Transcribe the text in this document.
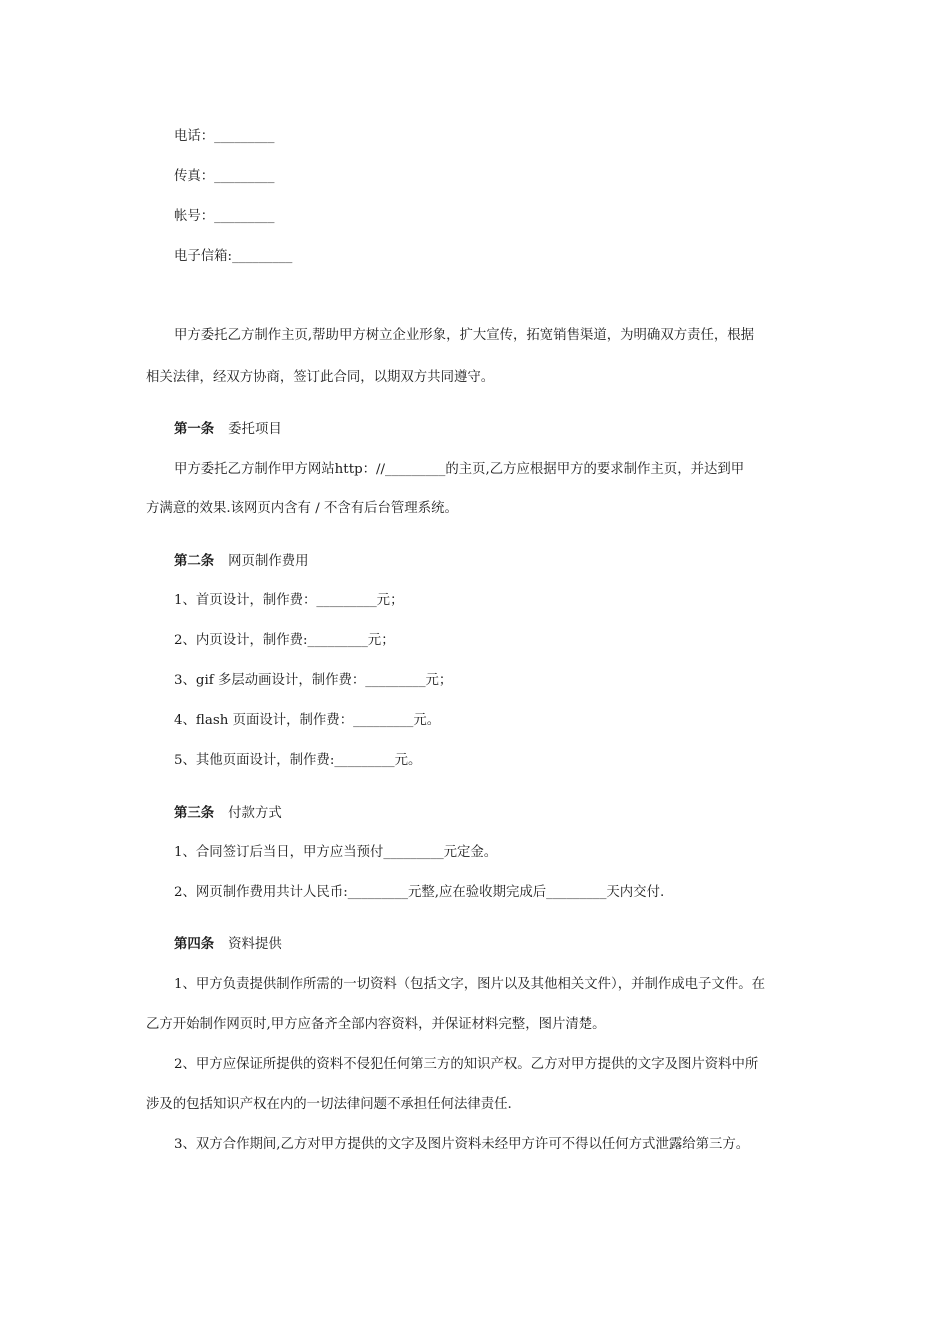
电话：_________
传真：_________
帐号：_________
电子信箱:_________
甲方委托乙方制作主页,帮助甲方树立企业形象，扩大宣传，拓宽销售渠道，为明确双方责任，根据
相关法律，经双方协商，签订此合同，以期双方共同遵守。
第一条 委托项目
甲方委托乙方制作甲方网站http：//_________的主页,乙方应根据甲方的要求制作主页，并达到甲
方满意的效果.该网页内含有 / 不含有后台管理系统。
第二条 网页制作费用
1、首页设计，制作费：_________元；
2、内页设计，制作费:_________元；
3、gif 多层动画设计，制作费：_________元；
4、flash 页面设计，制作费：_________元。
5、其他页面设计，制作费:_________元。
第三条 付款方式
1、合同签订后当日，甲方应当预付_________元定金。
2、网页制作费用共计人民币:_________元整,应在验收期完成后_________天内交付.
第四条 资料提供
1、甲方负责提供制作所需的一切资料（包括文字，图片以及其他相关文件），并制作成电子文件。在
乙方开始制作网页时,甲方应备齐全部内容资料，并保证材料完整，图片清楚。
2、甲方应保证所提供的资料不侵犯任何第三方的知识产权。乙方对甲方提供的文字及图片资料中所
涉及的包括知识产权在内的一切法律问题不承担任何法律责任.
3、双方合作期间,乙方对甲方提供的文字及图片资料未经甲方许可不得以任何方式泄露给第三方。
